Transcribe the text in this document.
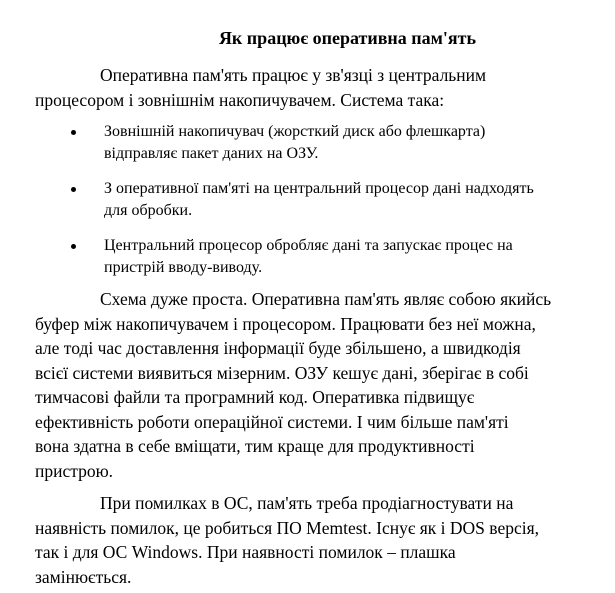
Як працює оперативна пам'ять

Оперативна пам'ять працює у зв'язці з центральним
процесором і зовнішнім накопичувачем. Система така:

Зовнішній накопичувач (жорсткий диск або флешкарта)
відправляє пакет даних на ОЗУ.
З оперативної пам'яті на центральний процесор дані надходять
для обробки.
Центральний процесор обробляє дані та запускає процес на
пристрій вводу-виводу.

Схема дуже проста. Оперативна пам'ять являє собою якийсь
буфер між накопичувачем і процесором. Працювати без неї можна,
але тоді час доставлення інформації буде збільшено, а швидкодія
всієї системи виявиться мізерним. ОЗУ кешує дані, зберігає в собі
тимчасові файли та програмний код. Оперативка підвищує
ефективність роботи операційної системи. І чим більше пам'яті
вона здатна в себе вміщати, тим краще для продуктивності
пристрою.

При помилках в ОС, пам'ять треба продіагностувати на
наявність помилок, це робиться ПО Memtest. Існує як і DOS версія,
так і для ОС Windows. При наявності помилок – плашка
замінюється.
